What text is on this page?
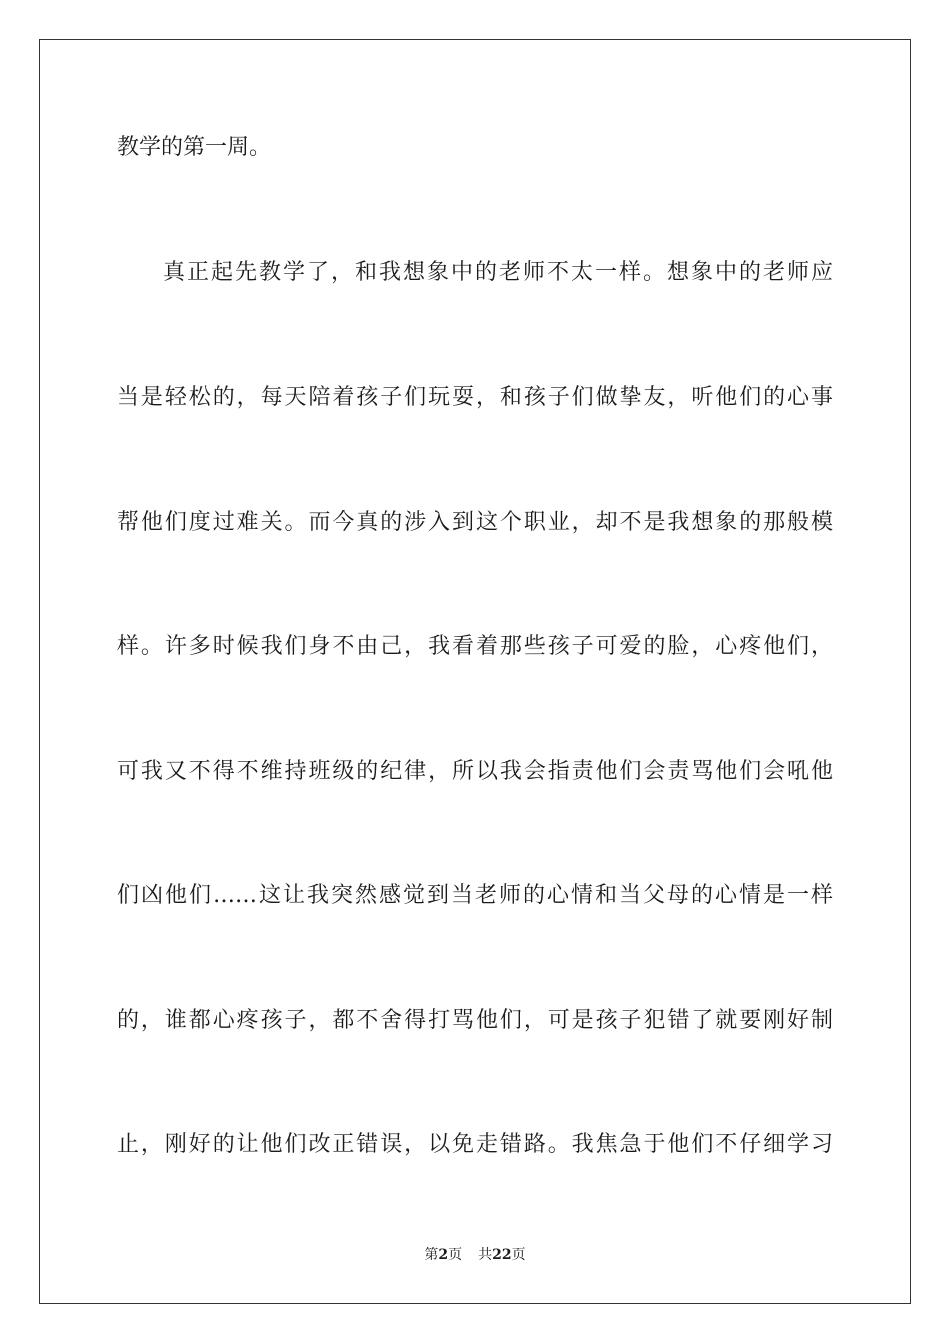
教学的第一周。
真正起先教学了，和我想象中的老师不太一样。想象中的老师应
当是轻松的，每天陪着孩子们玩耍，和孩子们做挚友，听他们的心事
帮他们度过难关。而今真的涉入到这个职业，却不是我想象的那般模
样。许多时候我们身不由己，我看着那些孩子可爱的脸，心疼他们，
可我又不得不维持班级的纪律，所以我会指责他们会责骂他们会吼他
们凶他们……这让我突然感觉到当老师的心情和当父母的心情是一样
的，谁都心疼孩子，都不舍得打骂他们，可是孩子犯错了就要刚好制
止，刚好的让他们改正错误，以免走错路。我焦急于他们不仔细学习
第2页 共22页
